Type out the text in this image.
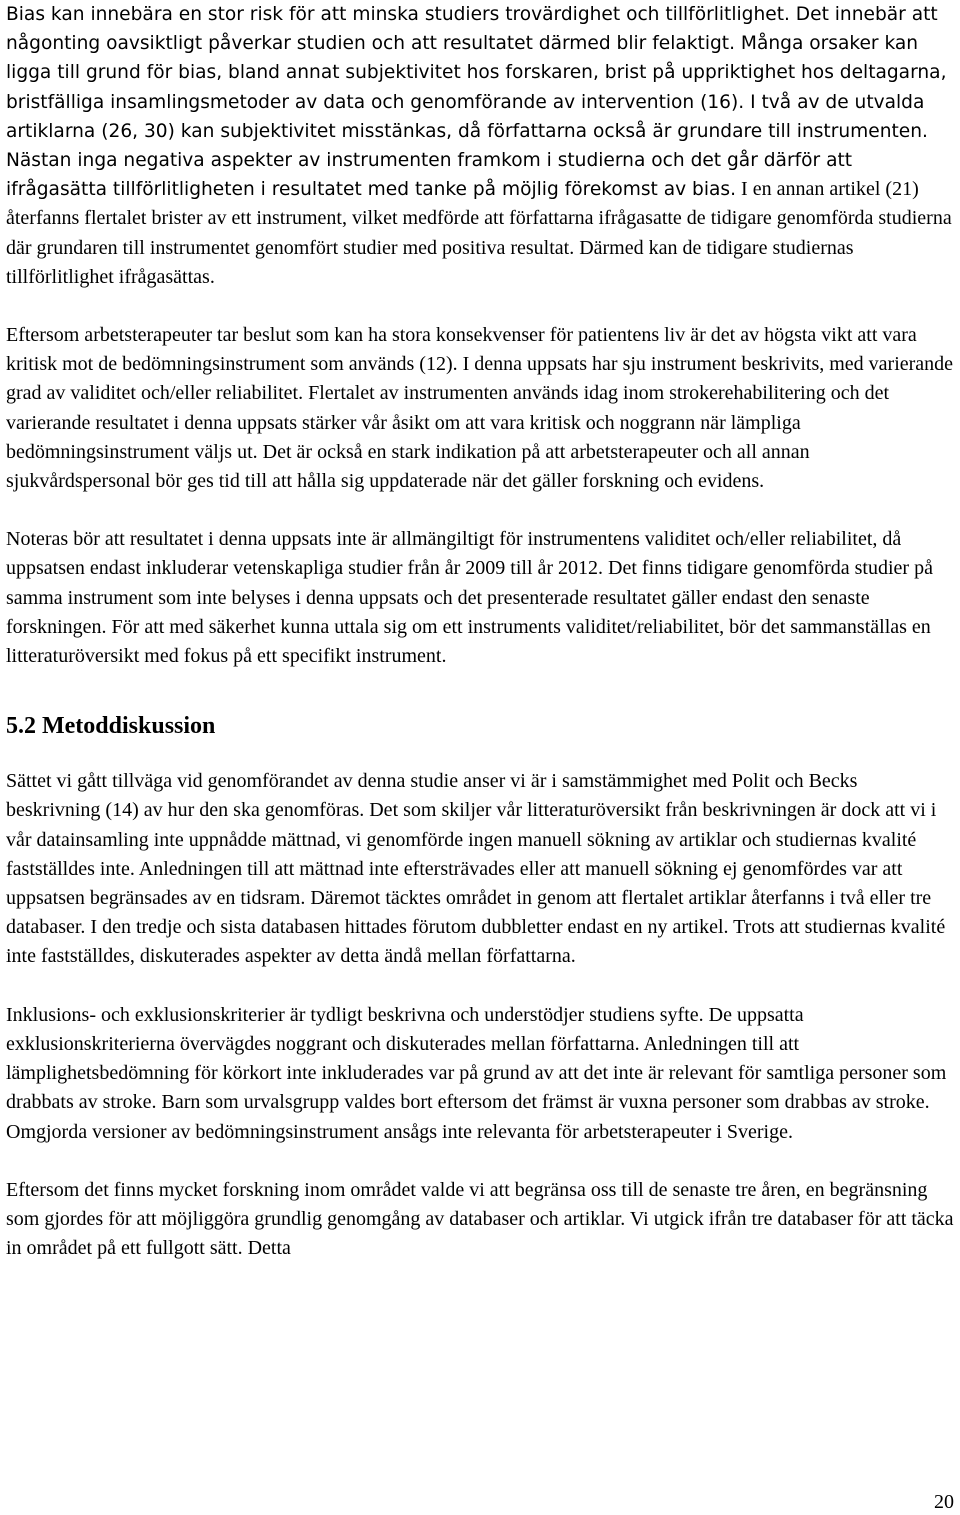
Bias kan innebära en stor risk för att minska studiers trovärdighet och tillförlitlighet. Det innebär att någonting oavsiktligt påverkar studien och att resultatet därmed blir felaktigt. Många orsaker kan ligga till grund för bias, bland annat subjektivitet hos forskaren, brist på uppriktighet hos deltagarna, bristfälliga insamlingsmetoder av data och genomförande av intervention (16). I två av de utvalda artiklarna (26, 30) kan subjektivitet misstänkas, då författarna också är grundare till instrumenten. Nästan inga negativa aspekter av instrumenten framkom i studierna och det går därför att ifrågasätta tillförlitligheten i resultatet med tanke på möjlig förekomst av bias. I en annan artikel (21) återfanns flertalet brister av ett instrument, vilket medförde att författarna ifrågasatte de tidigare genomförda studierna där grundaren till instrumentet genomfört studier med positiva resultat. Därmed kan de tidigare studiernas tillförlitlighet ifrågasättas.

Eftersom arbetsterapeuter tar beslut som kan ha stora konsekvenser för patientens liv är det av högsta vikt att vara kritisk mot de bedömningsinstrument som används (12). I denna uppsats har sju instrument beskrivits, med varierande grad av validitet och/eller reliabilitet. Flertalet av instrumenten används idag inom strokerehabilitering och det varierande resultatet i denna uppsats stärker vår åsikt om att vara kritisk och noggrann när lämpliga bedömningsinstrument väljs ut. Det är också en stark indikation på att arbetsterapeuter och all annan sjukvårdspersonal bör ges tid till att hålla sig uppdaterade när det gäller forskning och evidens.

Noteras bör att resultatet i denna uppsats inte är allmängiltigt för instrumentens validitet och/eller reliabilitet, då uppsatsen endast inkluderar vetenskapliga studier från år 2009 till år 2012. Det finns tidigare genomförda studier på samma instrument som inte belyses i denna uppsats och det presenterade resultatet gäller endast den senaste forskningen. För att med säkerhet kunna uttala sig om ett instruments validitet/reliabilitet, bör det sammanställas en litteraturöversikt med fokus på ett specifikt instrument.

5.2 Metoddiskussion

Sättet vi gått tillväga vid genomförandet av denna studie anser vi är i samstämmighet med Polit och Becks beskrivning (14) av hur den ska genomföras. Det som skiljer vår litteraturöversikt från beskrivningen är dock att vi i vår datainsamling inte uppnådde mättnad, vi genomförde ingen manuell sökning av artiklar och studiernas kvalité fastställdes inte. Anledningen till att mättnad inte eftersträvades eller att manuell sökning ej genomfördes var att uppsatsen begränsades av en tidsram. Däremot täcktes området in genom att flertalet artiklar återfanns i två eller tre databaser. I den tredje och sista databasen hittades förutom dubbletter endast en ny artikel. Trots att studiernas kvalité inte fastställdes, diskuterades aspekter av detta ändå mellan författarna.

Inklusions- och exklusionskriterier är tydligt beskrivna och understödjer studiens syfte. De uppsatta exklusionskriterierna övervägdes noggrant och diskuterades mellan författarna. Anledningen till att lämplighetsbedömning för körkort inte inkluderades var på grund av att det inte är relevant för samtliga personer som drabbats av stroke. Barn som urvalsgrupp valdes bort eftersom det främst är vuxna personer som drabbas av stroke. Omgjorda versioner av bedömningsinstrument ansågs inte relevanta för arbetsterapeuter i Sverige.

Eftersom det finns mycket forskning inom området valde vi att begränsa oss till de senaste tre åren, en begränsning som gjordes för att möjliggöra grundlig genomgång av databaser och artiklar. Vi utgick ifrån tre databaser för att täcka in området på ett fullgott sätt. Detta

20
